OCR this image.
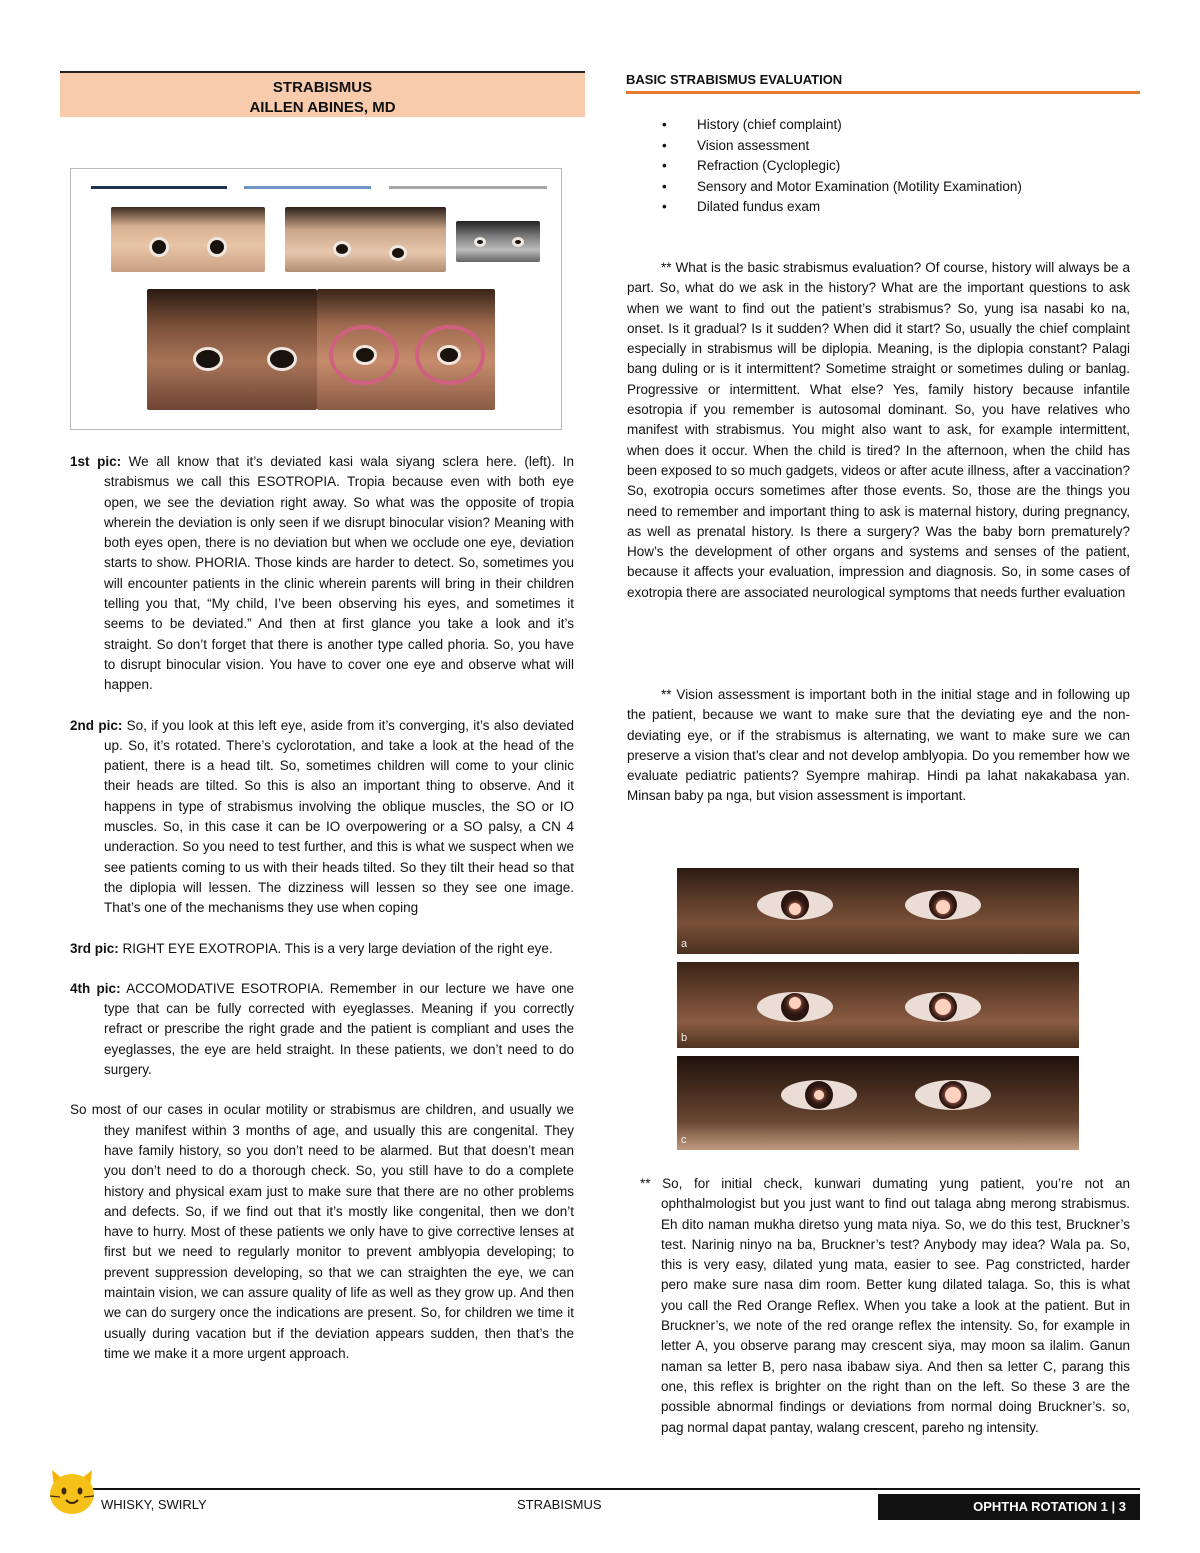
STRABISMUS
AILLEN ABINES, MD

1st pic: We all know that it’s deviated kasi wala siyang sclera here. (left). In strabismus we call this ESOTROPIA. Tropia because even with both eye open, we see the deviation right away. So what was the opposite of tropia wherein the deviation is only seen if we disrupt binocular vision? Meaning with both eyes open, there is no deviation but when we occlude one eye, deviation starts to show. PHORIA. Those kinds are harder to detect. So, sometimes you will encounter patients in the clinic wherein parents will bring in their children telling you that, “My child, I’ve been observing his eyes, and sometimes it seems to be deviated.” And then at first glance you take a look and it’s straight. So don’t forget that there is another type called phoria. So, you have to disrupt binocular vision. You have to cover one eye and observe what will happen.

2nd pic: So, if you look at this left eye, aside from it’s converging, it’s also deviated up. So, it’s rotated. There’s cyclorotation, and take a look at the head of the patient, there is a head tilt. So, sometimes children will come to your clinic their heads are tilted. So this is also an important thing to observe. And it happens in type of strabismus involving the oblique muscles, the SO or IO muscles. So, in this case it can be IO overpowering or a SO palsy, a CN 4 underaction. So you need to test further, and this is what we suspect when we see patients coming to us with their heads tilted. So they tilt their head so that the diplopia will lessen. The dizziness will lessen so they see one image. That’s one of the mechanisms they use when coping

3rd pic: RIGHT EYE EXOTROPIA. This is a very large deviation of the right eye.

4th pic: ACCOMODATIVE ESOTROPIA. Remember in our lecture we have one type that can be fully corrected with eyeglasses. Meaning if you correctly refract or prescribe the right grade and the patient is compliant and uses the eyeglasses, the eye are held straight. In these patients, we don’t need to do surgery.

So most of our cases in ocular motility or strabismus are children, and usually we they manifest within 3 months of age, and usually this are congenital. They have family history, so you don’t need to be alarmed. But that doesn’t mean you don’t need to do a thorough check. So, you still have to do a complete history and physical exam just to make sure that there are no other problems and defects. So, if we find out that it’s mostly like congenital, then we don’t have to hurry. Most of these patients we only have to give corrective lenses at first but we need to regularly monitor to prevent amblyopia developing; to prevent suppression developing, so that we can straighten the eye, we can maintain vision, we can assure quality of life as well as they grow up. And then we can do surgery once the indications are present. So, for children we time it usually during vacation but if the deviation appears sudden, then that’s the time we make it a more urgent approach.

BASIC STRABISMUS EVALUATION
• History (chief complaint)
• Vision assessment
• Refraction (Cycloplegic)
• Sensory and Motor Examination (Motility Examination)
• Dilated fundus exam

** What is the basic strabismus evaluation? Of course, history will always be a part. So, what do we ask in the history? What are the important questions to ask when we want to find out the patient’s strabismus? So, yung isa nasabi ko na, onset. Is it gradual? Is it sudden? When did it start? So, usually the chief complaint especially in strabismus will be diplopia. Meaning, is the diplopia constant? Palagi bang duling or is it intermittent? Sometime straight or sometimes duling or banlag. Progressive or intermittent. What else? Yes, family history because infantile esotropia if you remember is autosomal dominant. So, you have relatives who manifest with strabismus. You might also want to ask, for example intermittent, when does it occur. When the child is tired? In the afternoon, when the child has been exposed to so much gadgets, videos or after acute illness, after a vaccination? So, exotropia occurs sometimes after those events. So, those are the things you need to remember and important thing to ask is maternal history, during pregnancy, as well as prenatal history. Is there a surgery? Was the baby born prematurely? How’s the development of other organs and systems and senses of the patient, because it affects your evaluation, impression and diagnosis. So, in some cases of exotropia there are associated neurological symptoms that needs further evaluation

** Vision assessment is important both in the initial stage and in following up the patient, because we want to make sure that the deviating eye and the non-deviating eye, or if the strabismus is alternating, we want to make sure we can preserve a vision that’s clear and not develop amblyopia. Do you remember how we evaluate pediatric patients? Syempre mahirap. Hindi pa lahat nakakabasa yan. Minsan baby pa nga, but vision assessment is important.

a
b
c

** So, for initial check, kunwari dumating yung patient, you’re not an ophthalmologist but you just want to find out talaga abng merong strabismus. Eh dito naman mukha diretso yung mata niya. So, we do this test, Bruckner’s test. Narinig ninyo na ba, Bruckner’s test? Anybody may idea? Wala pa. So, this is very easy, dilated yung mata, easier to see. Pag constricted, harder pero make sure nasa dim room. Better kung dilated talaga. So, this is what you call the Red Orange Reflex. When you take a look at the patient. But in Bruckner’s, we note of the red orange reflex the intensity. So, for example in letter A, you observe parang may crescent siya, may moon sa ilalim. Ganun naman sa letter B, pero nasa ibabaw siya. And then sa letter C, parang this one, this reflex is brighter on the right than on the left. So these 3 are the possible abnormal findings or deviations from normal doing Bruckner’s. so, pag normal dapat pantay, walang crescent, pareho ng intensity.

WHISKY, SWIRLY	STRABISMUS	OPHTHA ROTATION 1 | 3
